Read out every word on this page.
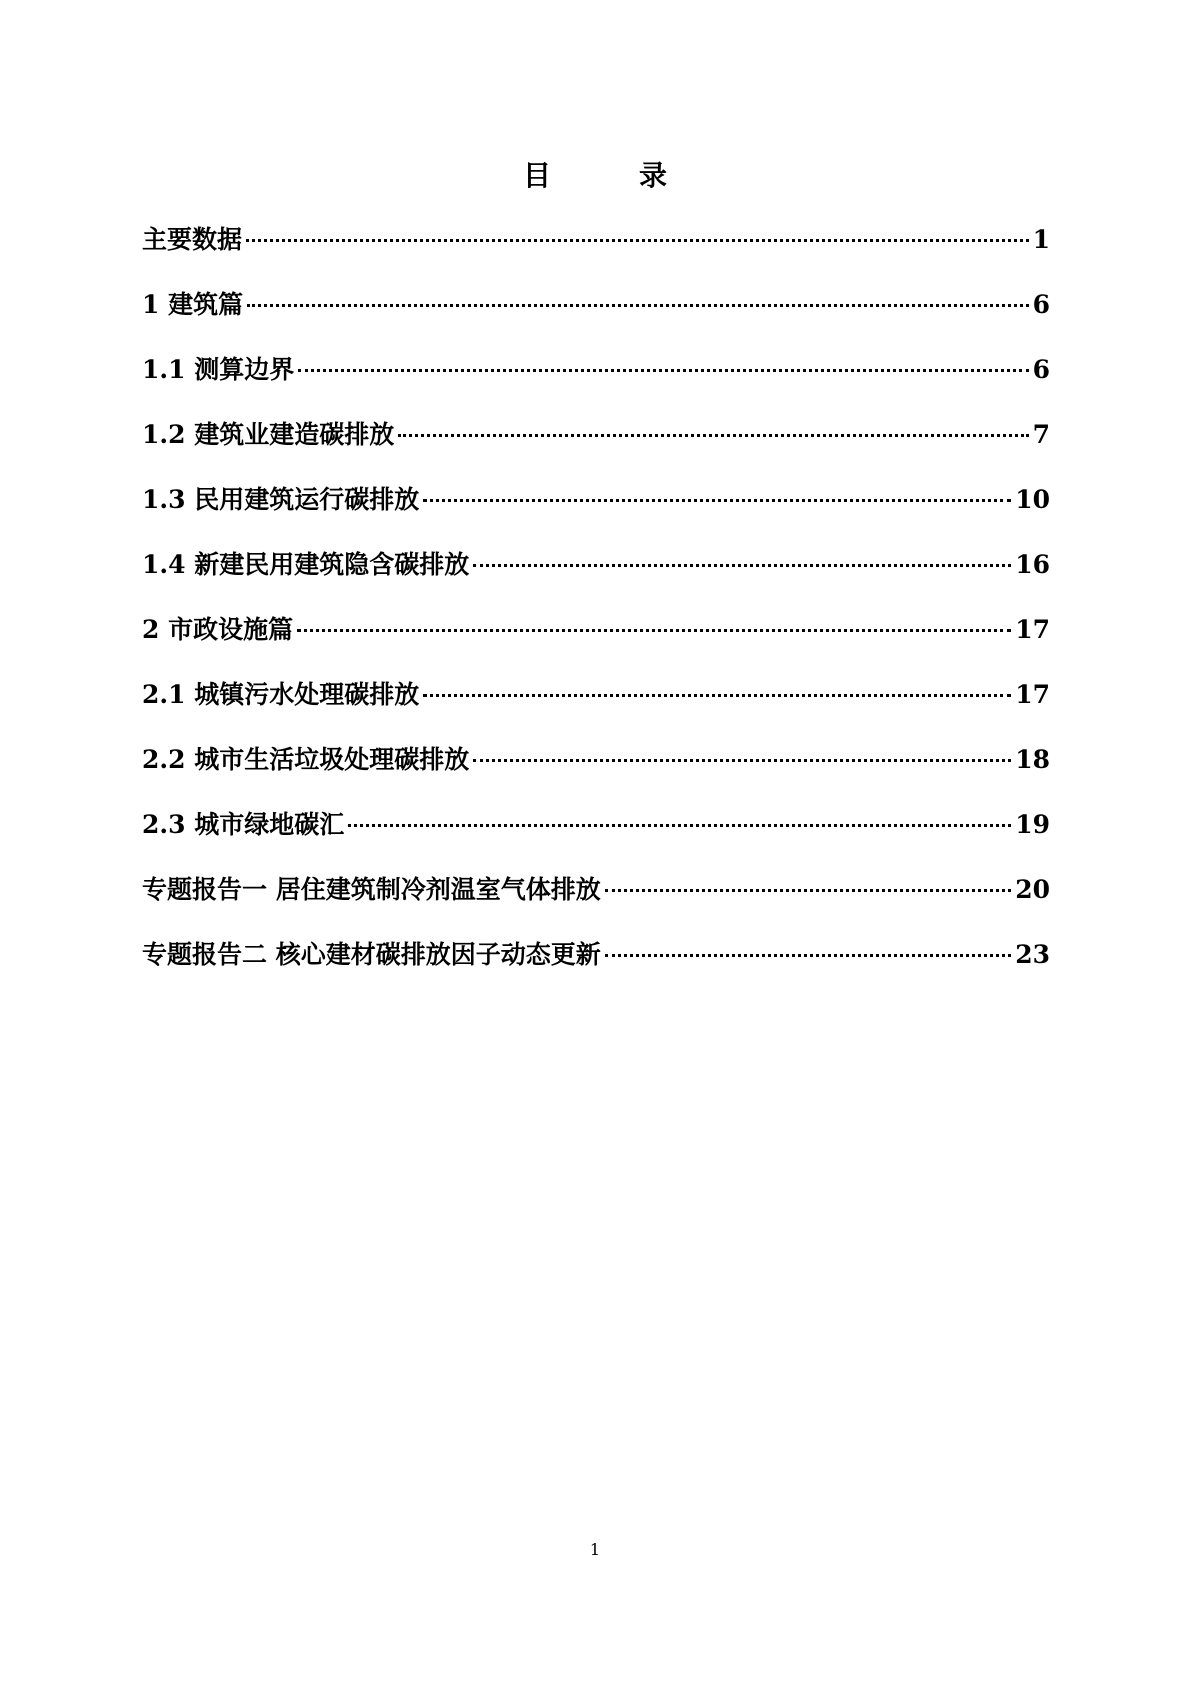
目　录
主要数据	1
1 建筑篇	6
1.1 测算边界	6
1.2 建筑业建造碳排放	7
1.3 民用建筑运行碳排放	10
1.4 新建民用建筑隐含碳排放	16
2 市政设施篇	17
2.1 城镇污水处理碳排放	17
2.2 城市生活垃圾处理碳排放	18
2.3 城市绿地碳汇	19
专题报告一 居住建筑制冷剂温室气体排放	20
专题报告二 核心建材碳排放因子动态更新	23
1
